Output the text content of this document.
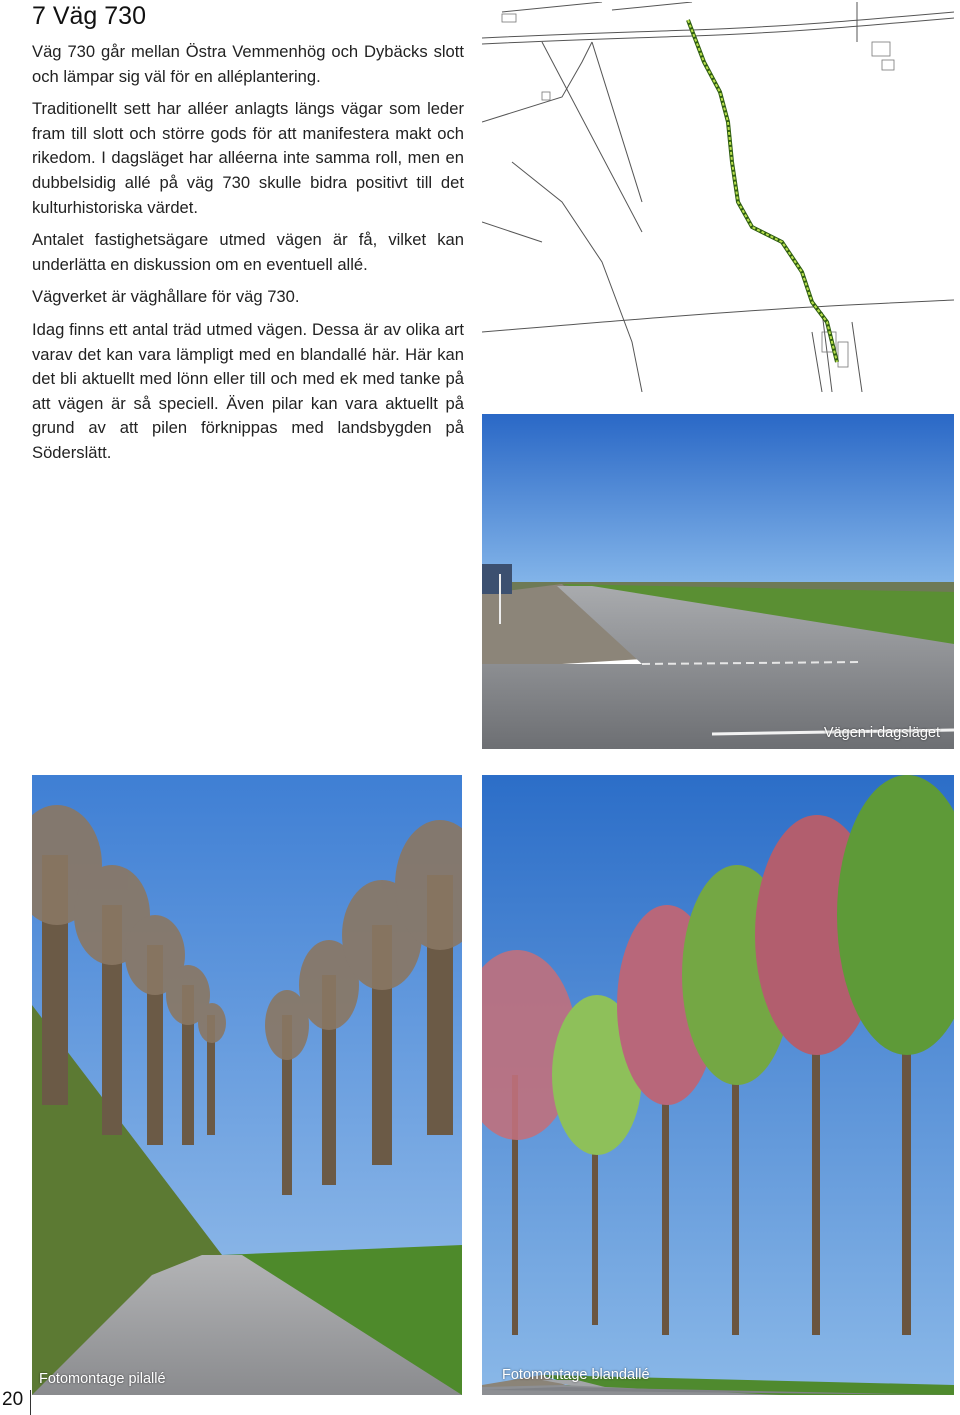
7 Väg 730

Väg 730 går mellan Östra Vemmenhög och Dybäcks slott och lämpar sig väl för en alléplantering.

Traditionellt sett har alléer anlagts längs vägar som leder fram till slott och större gods för att manifestera makt och rikedom. I dagsläget har alléerna inte samma roll, men en dubbelsidig allé på väg 730 skulle bidra positivt till det kulturhistoriska värdet.

Antalet fastighetsägare utmed vägen är få, vilket kan underlätta en diskussion om en eventuell allé.

Vägverket är väghållare för väg 730.

Idag finns ett antal träd utmed vägen. Dessa är av olika art varav det kan vara lämpligt med en blandallé här. Här kan det bli aktuellt med lönn eller till och med ek med tanke på att vägen är så speciell. Även pilar kan vara aktuellt på grund av att pilen förknippas med landsbygden på Söderslätt.

Vägen i dagsläget
Fotomontage pilallé	Fotomontage blandallé
20
